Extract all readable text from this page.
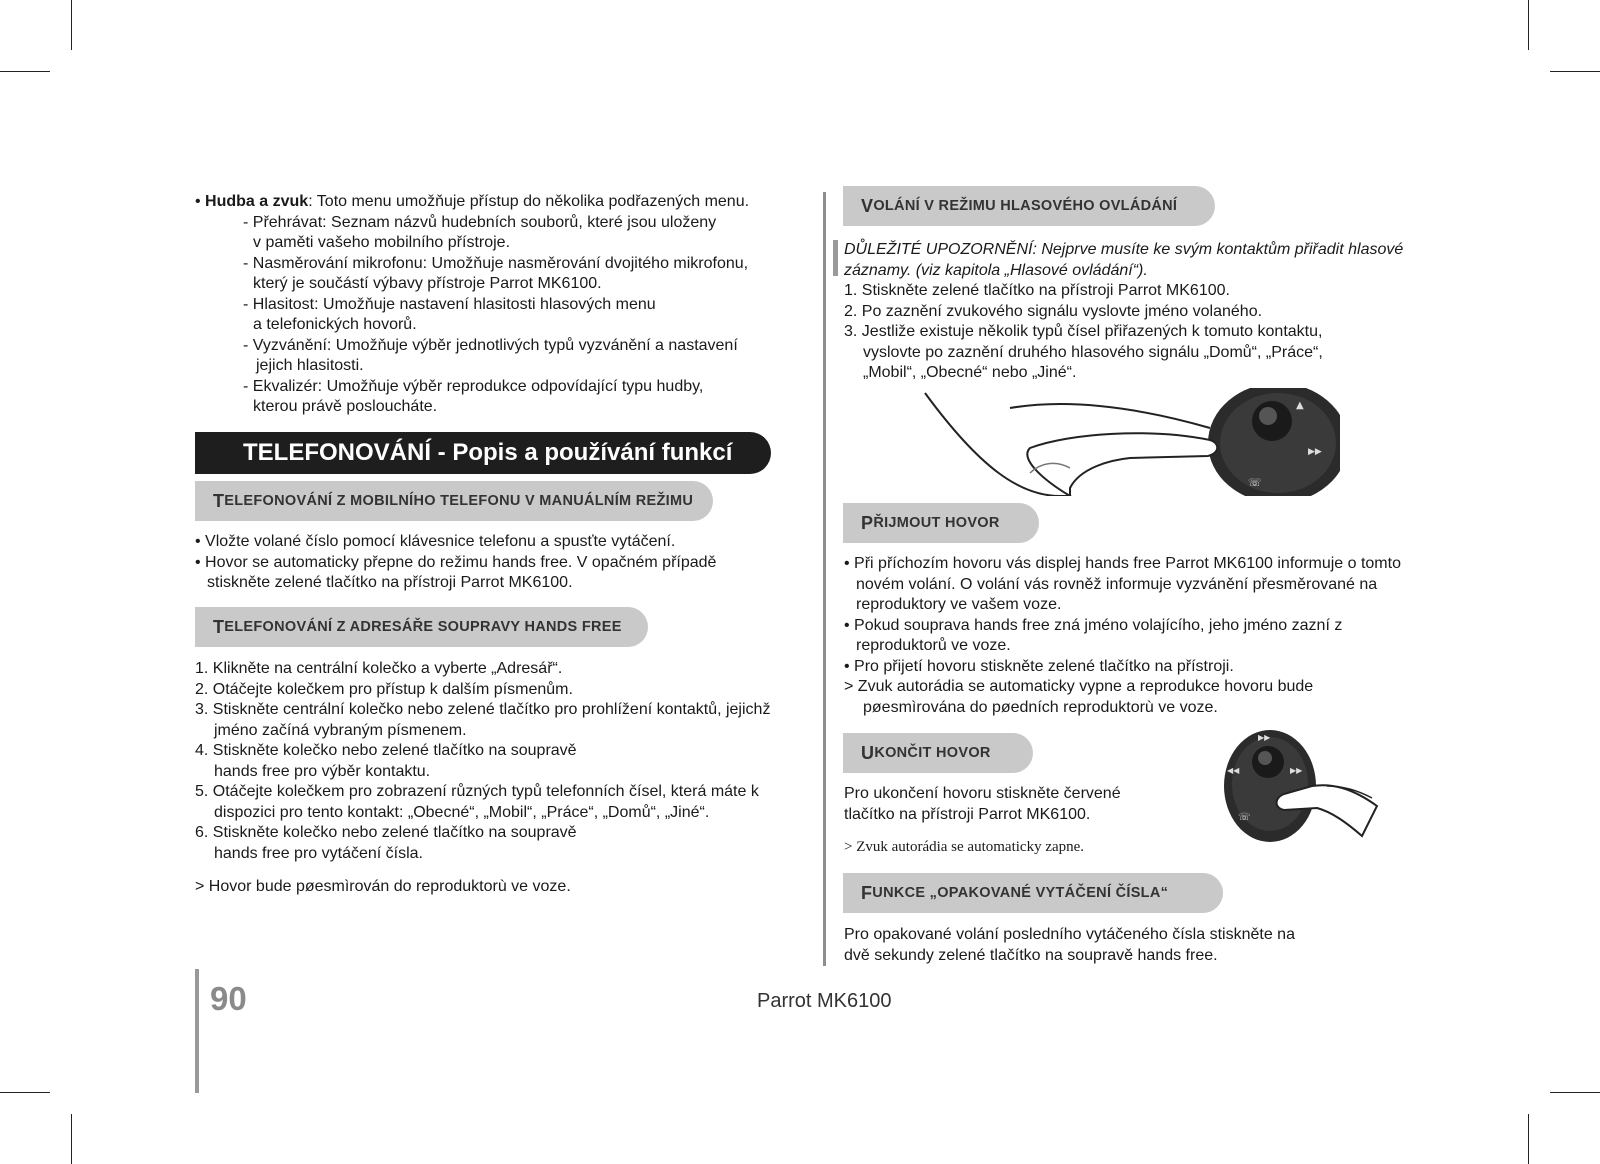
• Hudba a zvuk: Toto menu umožňuje přístup do několika podřazených menu.

- Přehrávat: Seznam názvů hudebních souborů, které jsou uloženy

v paměti vašeho mobilního přístroje.

- Nasměrování mikrofonu: Umožňuje nasměrování dvojitého mikrofonu,

který je součástí výbavy přístroje Parrot MK6100.

- Hlasitost: Umožňuje nastavení hlasitosti hlasových menu

a telefonických hovorů.

- Vyzvánění: Umožňuje výběr jednotlivých typů vyzvánění a nastavení

jejich hlasitosti.

- Ekvalizér: Umožňuje výběr reprodukce odpovídající typu hudby,

kterou právě posloucháte.

TELEFONOVÁNÍ - Popis a používání funkcí
T ELEFONOVÁNÍ Z MOBILNÍHO TELEFONU V MANUÁLNÍM REŽIMU

• Vložte volané číslo pomocí klávesnice telefonu a spusťte vytáčení.

• Hovor se automaticky přepne do režimu hands free. V opačném případě stiskněte zelené tlačítko na přístroji Parrot MK6100.

T ELEFONOVÁNÍ Z ADRESÁŘE SOUPRAVY HANDS FREE

1. Klikněte na centrální kolečko a vyberte „Adresář“.

2. Otáčejte kolečkem pro přístup k dalším písmenům.

3. Stiskněte centrální kolečko nebo zelené tlačítko pro prohlížení kontaktů, jejichž jméno začíná vybraným písmenem.

4. Stiskněte kolečko nebo zelené tlačítko na soupravě hands free pro výběr kontaktu.

5. Otáčejte kolečkem pro zobrazení různých typů telefonních čísel, která máte k dispozici pro tento kontakt: „Obecné“, „Mobil“, „Práce“, „Domů“, „Jiné“.

6. Stiskněte kolečko nebo zelené tlačítko na soupravě hands free pro vytáčení čísla.

> Hovor bude pøesmìrován do reproduktorù ve voze.

V OLÁNÍ V REŽIMU HLASOVÉHO OVLÁDÁNÍ

DŮLEŽITÉ UPOZORNĚNÍ: Nejprve musíte ke svým kontaktům přiřadit hlasové záznamy. (viz kapitola „Hlasové ovládání“).

1. Stiskněte zelené tlačítko na přístroji Parrot MK6100.

2. Po zaznění zvukového signálu vyslovte jméno volaného.

3. Jestliže existuje několik typů čísel přiřazených k tomuto kontaktu, vyslovte po zaznění druhého hlasového signálu „Domů“, „Práce“, „Mobil“, „Obecné“ nebo „Jiné“.

▲
▶▶
☏
P ŘIJMOUT HOVOR

• Při příchozím hovoru vás displej hands free Parrot MK6100 informuje o tomto novém volání. O volání vás rovněž informuje vyzvánění přesměrované na reproduktory ve vašem voze.

• Pokud souprava hands free zná jméno volajícího, jeho jméno zazní z reproduktorů ve voze.

• Pro přijetí hovoru stiskněte zelené tlačítko na přístroji.

> Zvuk autorádia se automaticky vypne a reprodukce hovoru bude pøesmìrována do pøedních reproduktorù ve voze.

U KONČIT HOVOR

Pro ukončení hovoru stiskněte červené

tlačítko na přístroji Parrot MK6100.

> Zvuk autorádia se automaticky zapne.

▶▶
◀◀	▶▶
☏
F UNKCE „OPAKOVANÉ VYTÁČENÍ ČÍSLA“

Pro opakované volání posledního vytáčeného čísla stiskněte na dvě sekundy zelené tlačítko na soupravě hands free.

90	Parrot MK6100
